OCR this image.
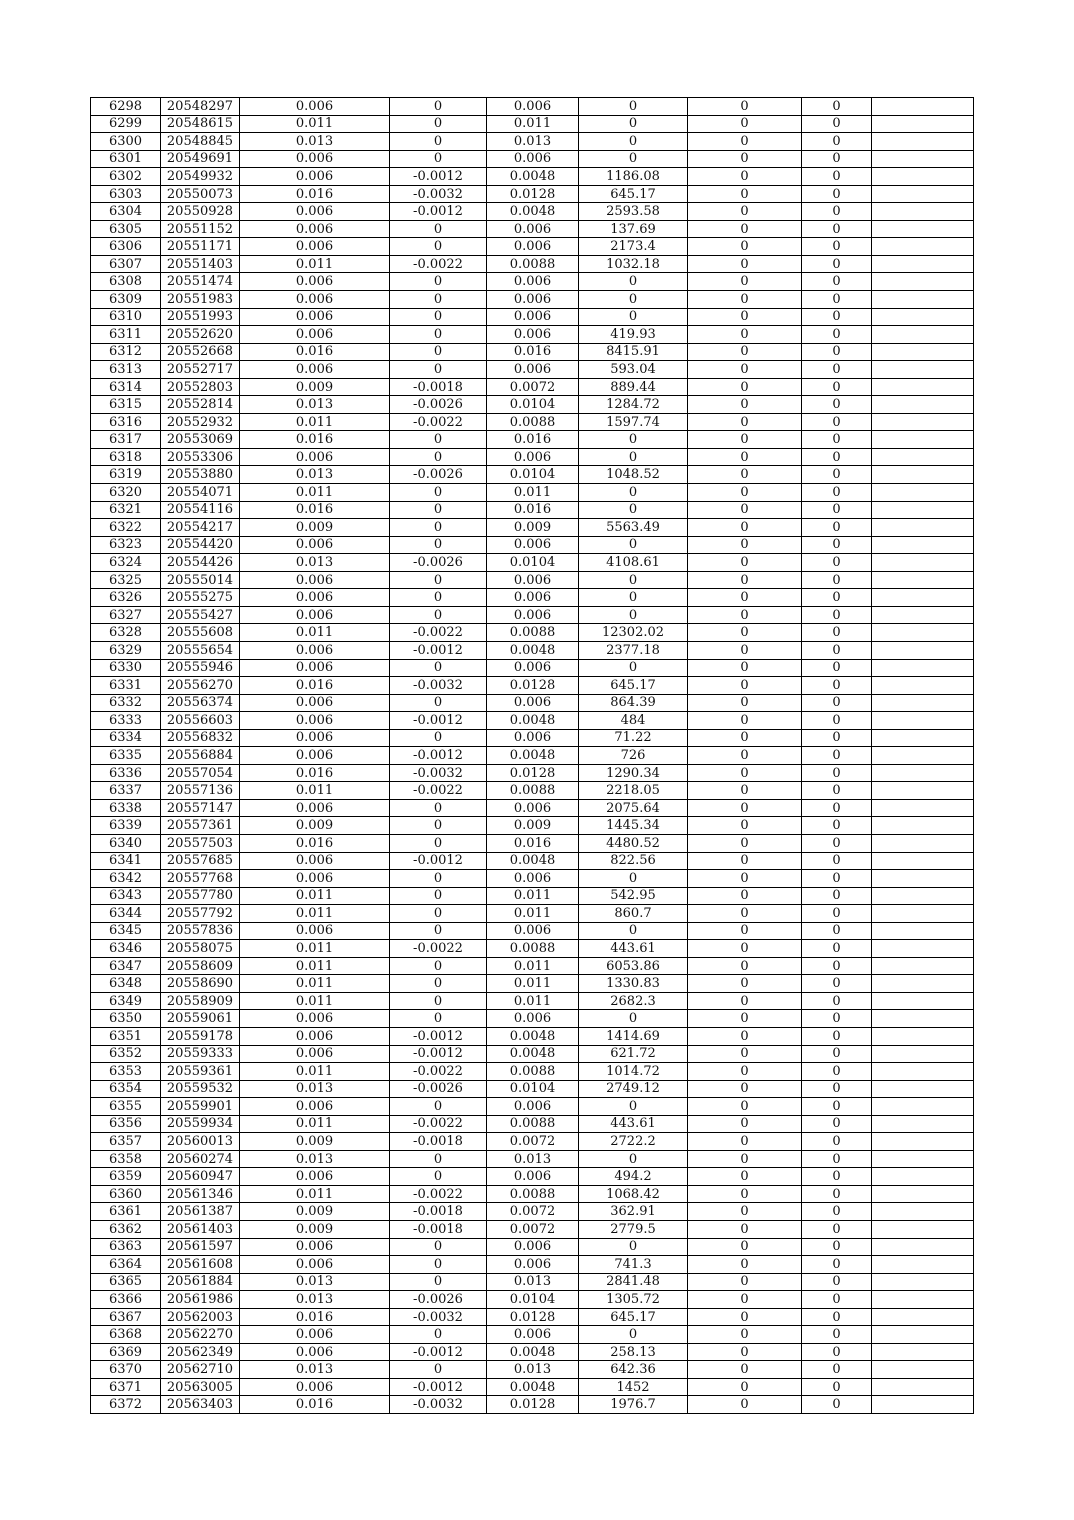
6298	20548297	0.006	0	0.006	0	0	0	
6299	20548615	0.011	0	0.011	0	0	0	
6300	20548845	0.013	0	0.013	0	0	0	
6301	20549691	0.006	0	0.006	0	0	0	
6302	20549932	0.006	-0.0012	0.0048	1186.08	0	0	
6303	20550073	0.016	-0.0032	0.0128	645.17	0	0	
6304	20550928	0.006	-0.0012	0.0048	2593.58	0	0	
6305	20551152	0.006	0	0.006	137.69	0	0	
6306	20551171	0.006	0	0.006	2173.4	0	0	
6307	20551403	0.011	-0.0022	0.0088	1032.18	0	0	
6308	20551474	0.006	0	0.006	0	0	0	
6309	20551983	0.006	0	0.006	0	0	0	
6310	20551993	0.006	0	0.006	0	0	0	
6311	20552620	0.006	0	0.006	419.93	0	0	
6312	20552668	0.016	0	0.016	8415.91	0	0	
6313	20552717	0.006	0	0.006	593.04	0	0	
6314	20552803	0.009	-0.0018	0.0072	889.44	0	0	
6315	20552814	0.013	-0.0026	0.0104	1284.72	0	0	
6316	20552932	0.011	-0.0022	0.0088	1597.74	0	0	
6317	20553069	0.016	0	0.016	0	0	0	
6318	20553306	0.006	0	0.006	0	0	0	
6319	20553880	0.013	-0.0026	0.0104	1048.52	0	0	
6320	20554071	0.011	0	0.011	0	0	0	
6321	20554116	0.016	0	0.016	0	0	0	
6322	20554217	0.009	0	0.009	5563.49	0	0	
6323	20554420	0.006	0	0.006	0	0	0	
6324	20554426	0.013	-0.0026	0.0104	4108.61	0	0	
6325	20555014	0.006	0	0.006	0	0	0	
6326	20555275	0.006	0	0.006	0	0	0	
6327	20555427	0.006	0	0.006	0	0	0	
6328	20555608	0.011	-0.0022	0.0088	12302.02	0	0	
6329	20555654	0.006	-0.0012	0.0048	2377.18	0	0	
6330	20555946	0.006	0	0.006	0	0	0	
6331	20556270	0.016	-0.0032	0.0128	645.17	0	0	
6332	20556374	0.006	0	0.006	864.39	0	0	
6333	20556603	0.006	-0.0012	0.0048	484	0	0	
6334	20556832	0.006	0	0.006	71.22	0	0	
6335	20556884	0.006	-0.0012	0.0048	726	0	0	
6336	20557054	0.016	-0.0032	0.0128	1290.34	0	0	
6337	20557136	0.011	-0.0022	0.0088	2218.05	0	0	
6338	20557147	0.006	0	0.006	2075.64	0	0	
6339	20557361	0.009	0	0.009	1445.34	0	0	
6340	20557503	0.016	0	0.016	4480.52	0	0	
6341	20557685	0.006	-0.0012	0.0048	822.56	0	0	
6342	20557768	0.006	0	0.006	0	0	0	
6343	20557780	0.011	0	0.011	542.95	0	0	
6344	20557792	0.011	0	0.011	860.7	0	0	
6345	20557836	0.006	0	0.006	0	0	0	
6346	20558075	0.011	-0.0022	0.0088	443.61	0	0	
6347	20558609	0.011	0	0.011	6053.86	0	0	
6348	20558690	0.011	0	0.011	1330.83	0	0	
6349	20558909	0.011	0	0.011	2682.3	0	0	
6350	20559061	0.006	0	0.006	0	0	0	
6351	20559178	0.006	-0.0012	0.0048	1414.69	0	0	
6352	20559333	0.006	-0.0012	0.0048	621.72	0	0	
6353	20559361	0.011	-0.0022	0.0088	1014.72	0	0	
6354	20559532	0.013	-0.0026	0.0104	2749.12	0	0	
6355	20559901	0.006	0	0.006	0	0	0	
6356	20559934	0.011	-0.0022	0.0088	443.61	0	0	
6357	20560013	0.009	-0.0018	0.0072	2722.2	0	0	
6358	20560274	0.013	0	0.013	0	0	0	
6359	20560947	0.006	0	0.006	494.2	0	0	
6360	20561346	0.011	-0.0022	0.0088	1068.42	0	0	
6361	20561387	0.009	-0.0018	0.0072	362.91	0	0	
6362	20561403	0.009	-0.0018	0.0072	2779.5	0	0	
6363	20561597	0.006	0	0.006	0	0	0	
6364	20561608	0.006	0	0.006	741.3	0	0	
6365	20561884	0.013	0	0.013	2841.48	0	0	
6366	20561986	0.013	-0.0026	0.0104	1305.72	0	0	
6367	20562003	0.016	-0.0032	0.0128	645.17	0	0	
6368	20562270	0.006	0	0.006	0	0	0	
6369	20562349	0.006	-0.0012	0.0048	258.13	0	0	
6370	20562710	0.013	0	0.013	642.36	0	0	
6371	20563005	0.006	-0.0012	0.0048	1452	0	0	
6372	20563403	0.016	-0.0032	0.0128	1976.7	0	0	
